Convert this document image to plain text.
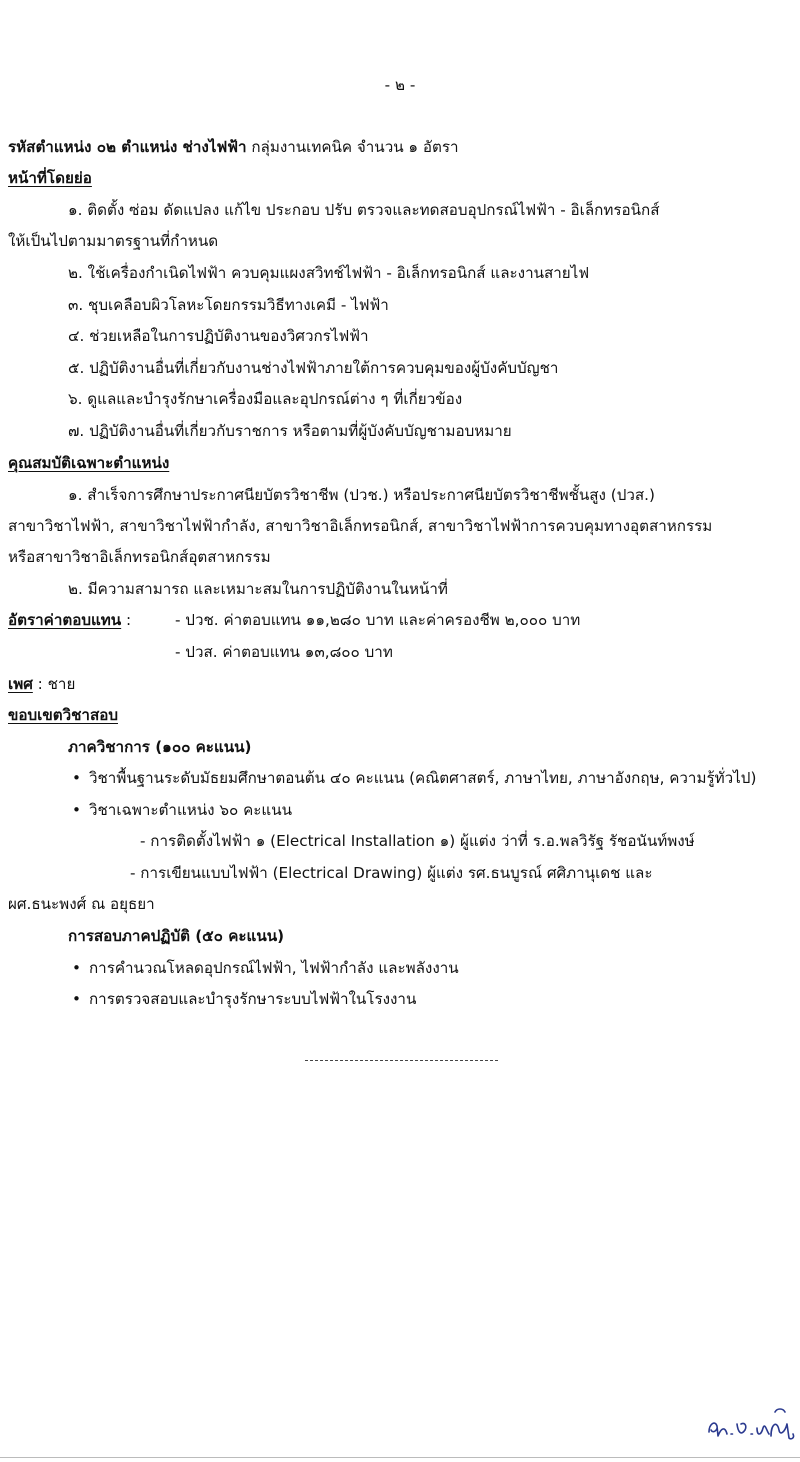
- ๒ -
รหัสตำแหน่ง ๐๒ ตำแหน่ง ช่างไฟฟ้า กลุ่มงานเทคนิค จำนวน ๑ อัตรา
หน้าที่โดยย่อ
๑. ติดตั้ง ซ่อม ดัดแปลง แก้ไข ประกอบ ปรับ ตรวจและทดสอบอุปกรณ์ไฟฟ้า - อิเล็กทรอนิกส์
ให้เป็นไปตามมาตรฐานที่กำหนด
๒. ใช้เครื่องกำเนิดไฟฟ้า ควบคุมแผงสวิทช์ไฟฟ้า - อิเล็กทรอนิกส์ และงานสายไฟ
๓. ชุบเคลือบผิวโลหะโดยกรรมวิธีทางเคมี - ไฟฟ้า
๔. ช่วยเหลือในการปฏิบัติงานของวิศวกรไฟฟ้า
๕. ปฏิบัติงานอื่นที่เกี่ยวกับงานช่างไฟฟ้าภายใต้การควบคุมของผู้บังคับบัญชา
๖. ดูแลและบำรุงรักษาเครื่องมือและอุปกรณ์ต่าง ๆ ที่เกี่ยวข้อง
๗. ปฏิบัติงานอื่นที่เกี่ยวกับราชการ หรือตามที่ผู้บังคับบัญชามอบหมาย
คุณสมบัติเฉพาะตำแหน่ง
๑. สำเร็จการศึกษาประกาศนียบัตรวิชาชีพ (ปวช.) หรือประกาศนียบัตรวิชาชีพชั้นสูง (ปวส.)
สาขาวิชาไฟฟ้า, สาขาวิชาไฟฟ้ากำลัง, สาขาวิชาอิเล็กทรอนิกส์, สาขาวิชาไฟฟ้าการควบคุมทางอุตสาหกรรม
หรือสาขาวิชาอิเล็กทรอนิกส์อุตสาหกรรม
๒. มีความสามารถ และเหมาะสมในการปฏิบัติงานในหน้าที่
อัตราค่าตอบแทน :	- ปวช. ค่าตอบแทน ๑๑,๒๘๐ บาท และค่าครองชีพ ๒,๐๐๐ บาท
- ปวส. ค่าตอบแทน ๑๓,๘๐๐ บาท
เพศ : ชาย
ขอบเขตวิชาสอบ
ภาควิชาการ (๑๐๐ คะแนน)
• วิชาพื้นฐานระดับมัธยมศึกษาตอนต้น ๔๐ คะแนน (คณิตศาสตร์, ภาษาไทย, ภาษาอังกฤษ, ความรู้ทั่วไป)
• วิชาเฉพาะตำแหน่ง ๖๐ คะแนน
- การติดตั้งไฟฟ้า ๑ (Electrical Installation ๑) ผู้แต่ง ว่าที่ ร.อ.พลวิรัฐ รัชอนันท์พงษ์
- การเขียนแบบไฟฟ้า (Electrical Drawing) ผู้แต่ง รศ.ธนบูรณ์ ศศิภานุเดช และ
ผศ.ธนะพงศ์ ณ อยุธยา
การสอบภาคปฏิบัติ (๕๐ คะแนน)
• การคำนวณโหลดอุปกรณ์ไฟฟ้า, ไฟฟ้ากำลัง และพลังงาน
• การตรวจสอบและบำรุงรักษาระบบไฟฟ้าในโรงงาน
